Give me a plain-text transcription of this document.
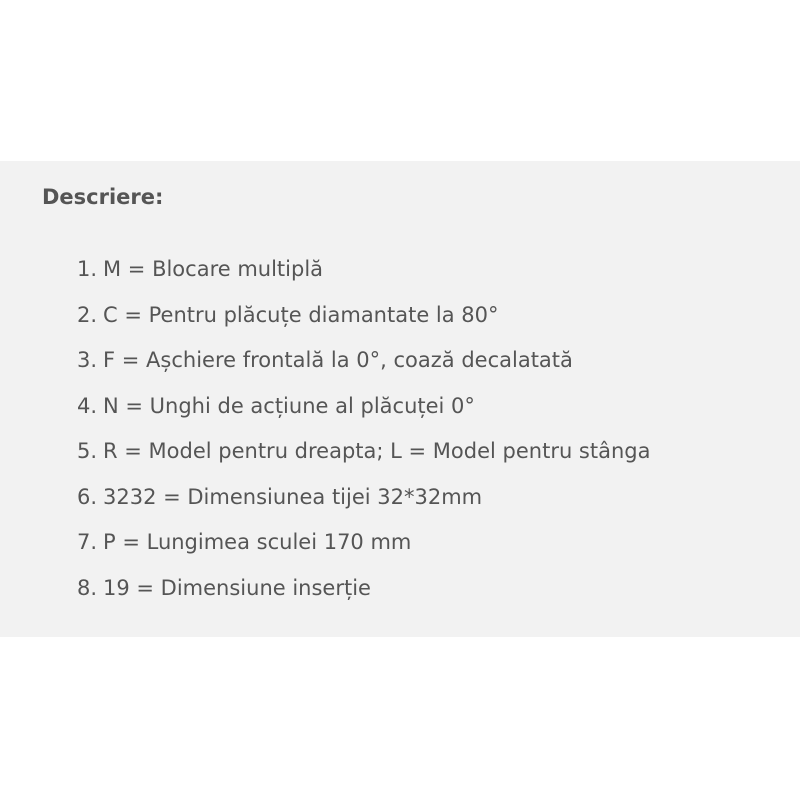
Descriere:
1. M = Blocare multiplă
2. C = Pentru plăcuțe diamantate la 80°
3. F = Așchiere frontală la 0°, coază decalatată
4. N = Unghi de acțiune al plăcuței 0°
5. R = Model pentru dreapta; L = Model pentru stânga
6. 3232 = Dimensiunea tijei 32*32mm
7. P = Lungimea sculei 170 mm
8. 19 = Dimensiune inserție
